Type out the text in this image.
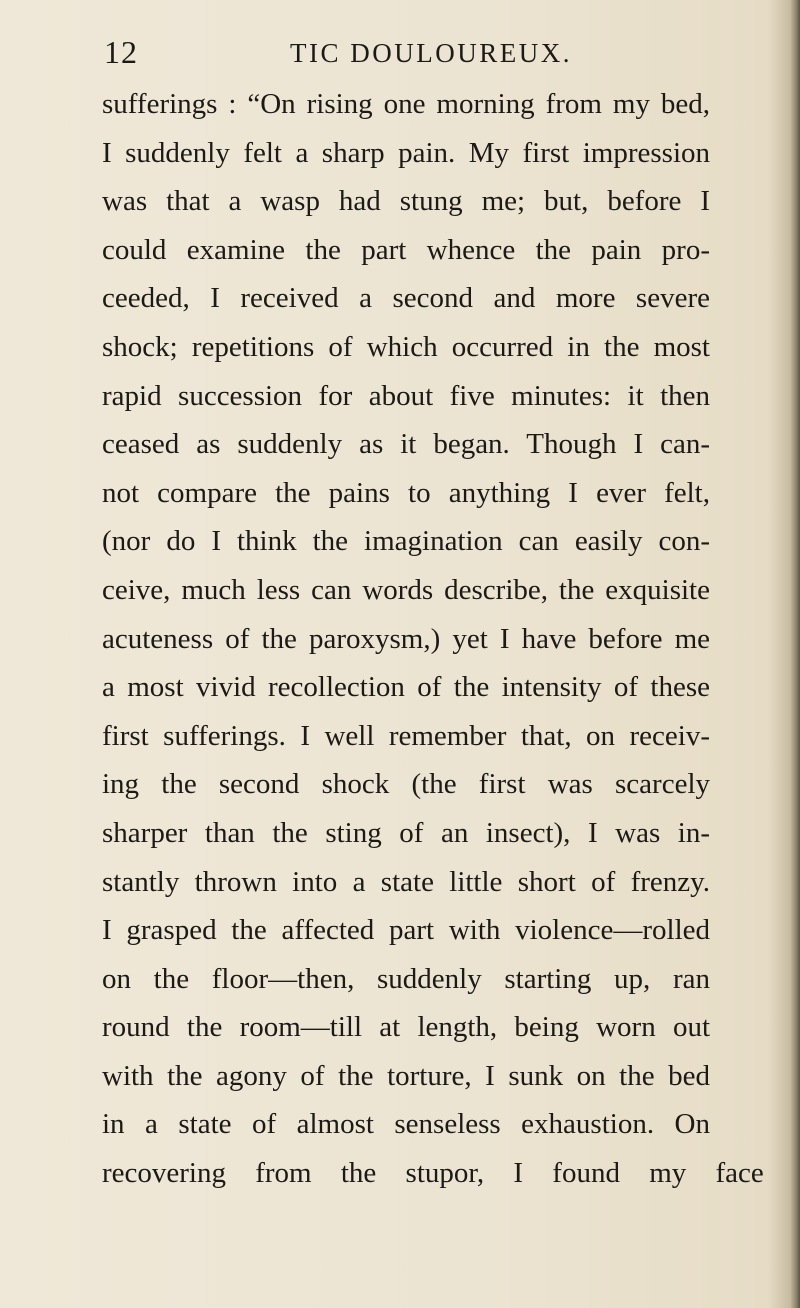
12	TIC DOULOUREUX.
sufferings : “On rising one morning from my bed,
I suddenly felt a sharp pain. My first impression
was that a wasp had stung me; but, before I
could examine the part whence the pain pro-
ceeded, I received a second and more severe
shock; repetitions of which occurred in the most
rapid succession for about five minutes: it then
ceased as suddenly as it began. Though I can-
not compare the pains to anything I ever felt,
(nor do I think the imagination can easily con-
ceive, much less can words describe, the exquisite
acuteness of the paroxysm,) yet I have before me
a most vivid recollection of the intensity of these
first sufferings. I well remember that, on receiv-
ing the second shock (the first was scarcely
sharper than the sting of an insect), I was in-
stantly thrown into a state little short of frenzy.
I grasped the affected part with violence—rolled
on the floor—then, suddenly starting up, ran
round the room—till at length, being worn out
with the agony of the torture, I sunk on the bed
in a state of almost senseless exhaustion. On
recovering from the stupor, I found my face
